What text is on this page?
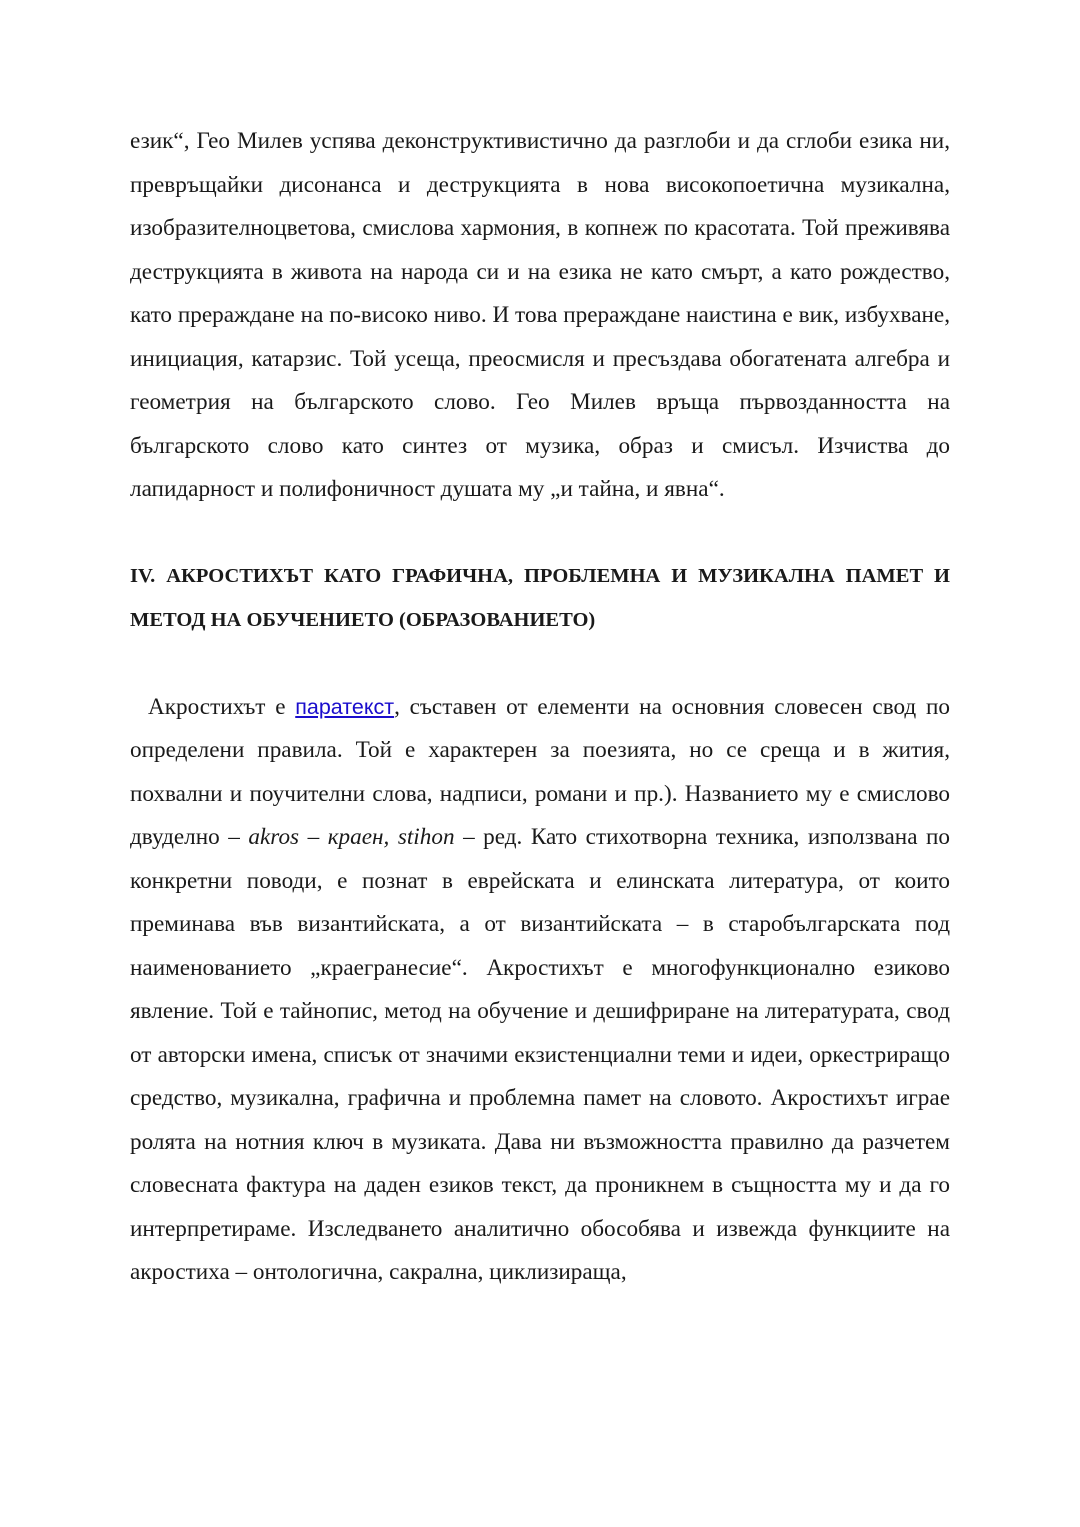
език“, Гео Милев успява деконструктивистично да разглоби и да сглоби езика ни, превръщайки дисонанса и деструкцията в нова високопоетична музикална, изобразителноцветова, смислова хармония, в копнеж по красотата. Той преживява деструкцията в живота на народа си и на езика не като смърт, а като рождество, като прераждане на по-високо ниво. И това прераждане наистина е вик, избухване, инициация, катарзис. Той усеща, преосмисля и пресъздава обогатената алгебра и геометрия на българското слово. Гео Милев връща първозданността на българското слово като синтез от музика, образ и смисъл. Изчиства до лапидарност и полифоничност душата му „и тайна, и явна“.

IV. АКРОСТИХЪТ КАТО ГРАФИЧНА, ПРОБЛЕМНА И МУЗИКАЛНА ПАМЕТ И МЕТОД НА ОБУЧЕНИЕТО (ОБРАЗОВАНИЕТО)

Акростихът е паратекст, съставен от елементи на основния словесен свод по определени правила. Той е характерен за поезията, но се среща и в жития, похвални и поучителни слова, надписи, романи и пр.). Названието му е смислово двуделно – akros – краен, stihon – ред. Като стихотворна техника, използвана по конкретни поводи, е познат в еврейската и елинската литература, от които преминава във византийската, а от византийската – в старобългарската под наименованието „краегранесие“. Акростихът е многофункционално езиково явление. Той е тайнопис, метод на обучение и дешифриране на литературата, свод от авторски имена, списък от значими екзистенциални теми и идеи, оркестриращо средство, музикална, графична и проблемна памет на словото. Акростихът играе ролята на нотния ключ в музиката. Дава ни възможността правилно да разчетем словесната фактура на даден езиков текст, да проникнем в същността му и да го интерпретираме. Изследването аналитично обособява и извежда функциите на акростиха – онтологична, сакрална, циклизираща,
